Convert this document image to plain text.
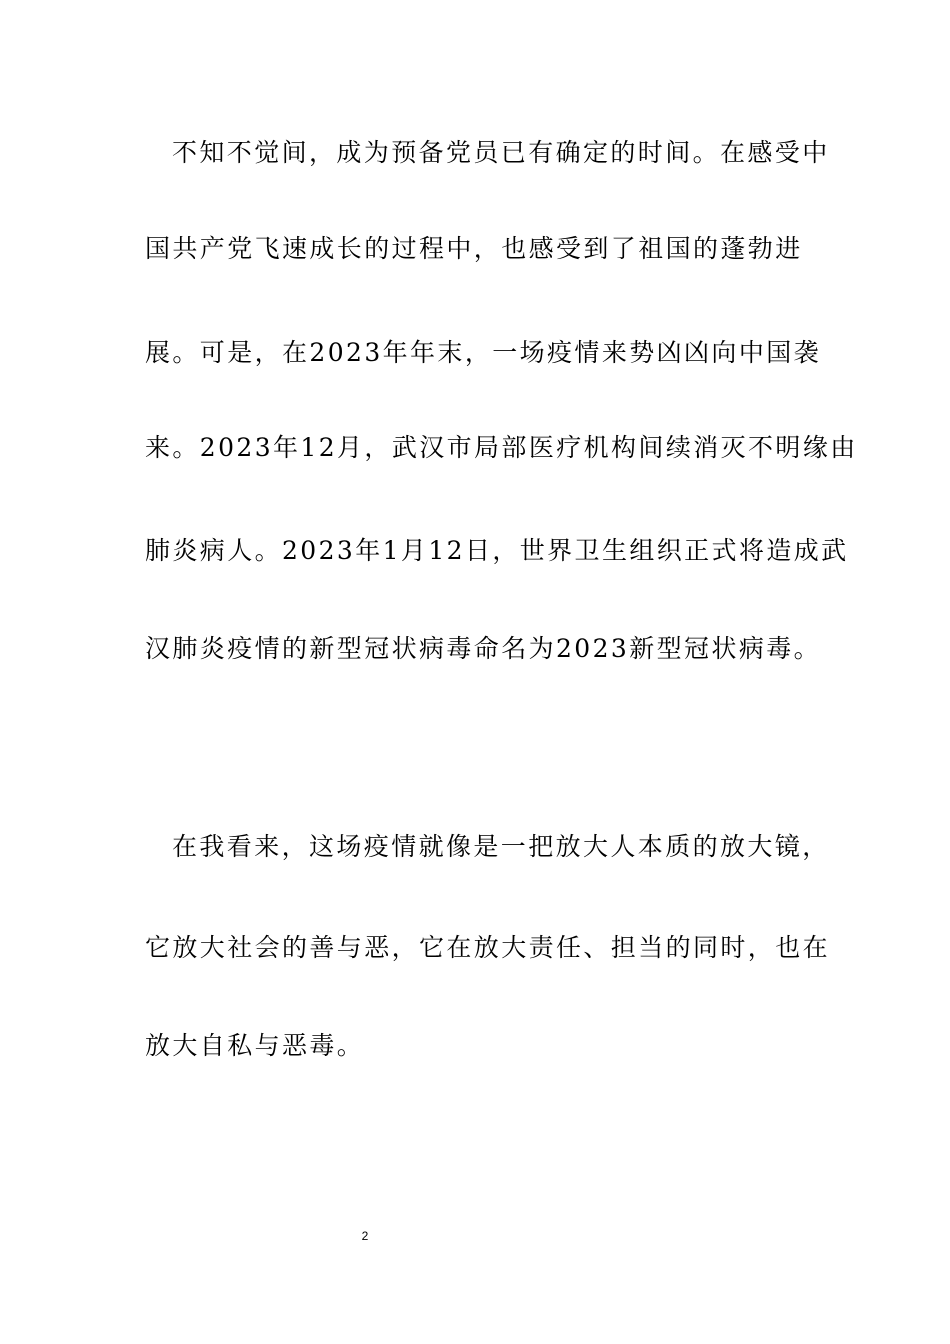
不知不觉间，成为预备党员已有确定的时间。在感受中
国共产党飞速成长的过程中，也感受到了祖国的蓬勃进
展。可是，在2023年年末，一场疫情来势凶凶向中国袭
来。2023年12月，武汉市局部医疗机构间续消灭不明缘由
肺炎病人。2023年1月12日，世界卫生组织正式将造成武
汉肺炎疫情的新型冠状病毒命名为2023新型冠状病毒。
在我看来，这场疫情就像是一把放大人本质的放大镜，
它放大社会的善与恶，它在放大责任、担当的同时，也在
放大自私与恶毒。
2
